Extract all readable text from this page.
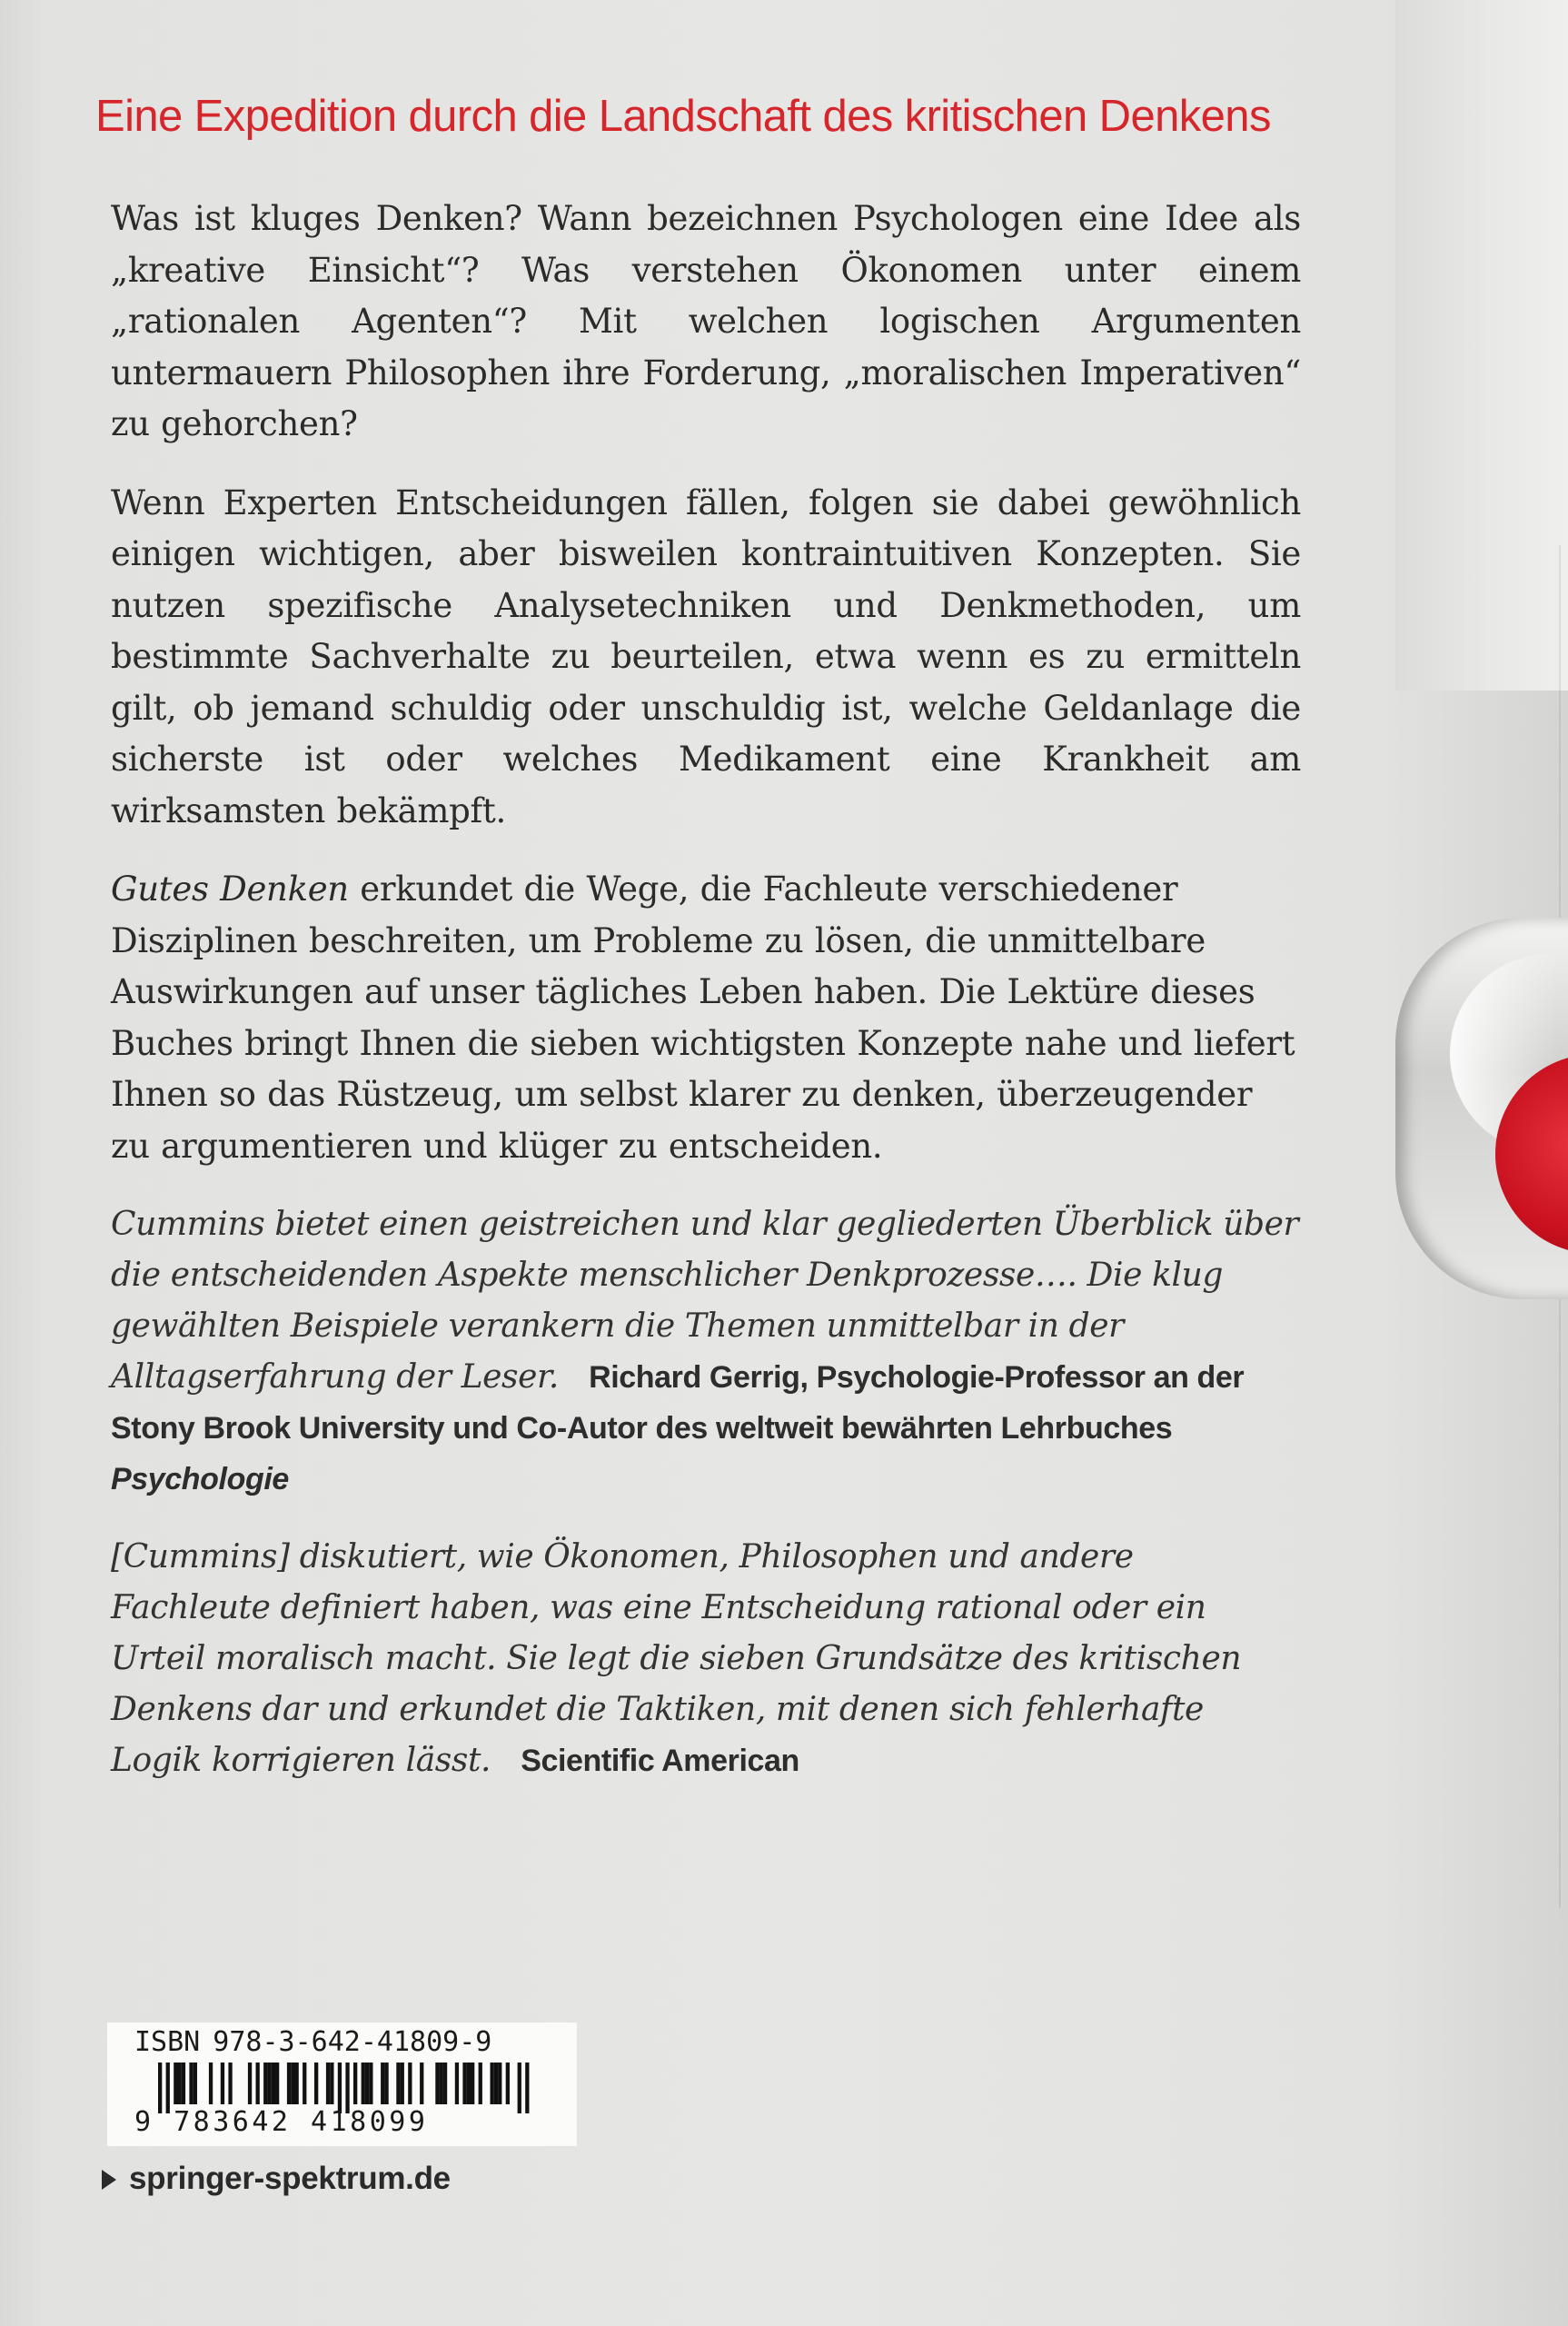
Eine Expedition durch die Landschaft des kritischen Denkens

Was ist kluges Denken? Wann bezeichnen Psychologen eine Idee als „kreative Einsicht“? Was verstehen Ökonomen unter einem „rationalen Agenten“? Mit welchen logischen Argumenten untermauern Philosophen ihre Forderung, „moralischen Imperativen“ zu gehorchen?

Wenn Experten Entscheidungen fällen, folgen sie dabei gewöhnlich einigen wichtigen, aber bisweilen kontraintuitiven Konzepten. Sie nutzen spezifische Analysetechniken und Denkmethoden, um bestimmte Sachverhalte zu beurteilen, etwa wenn es zu ermitteln gilt, ob jemand schuldig oder unschuldig ist, welche Geldanlage die sicherste ist oder welches Medikament eine Krankheit am wirksamsten bekämpft.

Gutes Denken erkundet die Wege, die Fachleute verschiedener Disziplinen beschreiten, um Probleme zu lösen, die unmittelbare Auswirkungen auf unser tägliches Leben haben. Die Lektüre dieses Buches bringt Ihnen die sieben wichtigsten Konzepte nahe und liefert Ihnen so das Rüstzeug, um selbst klarer zu denken, überzeugender zu argumentieren und klüger zu entscheiden.

Cummins bietet einen geistreichen und klar gegliederten Überblick über die entscheidenden Aspekte menschlicher Denkprozesse…. Die klug gewählten Beispiele verankern die Themen unmittelbar in der Alltagserfahrung der Leser. Richard Gerrig, Psychologie-Professor an der Stony Brook University und Co-Autor des weltweit bewährten Lehrbuches Psychologie

[Cummins] diskutiert, wie Ökonomen, Philosophen und andere Fachleute definiert haben, was eine Entscheidung rational oder ein Urteil moralisch macht. Sie legt die sieben Grundsätze des kritischen Denkens dar und erkundet die Taktiken, mit denen sich fehlerhafte Logik korrigieren lässt. Scientific American

ISBN 978-3-642-41809-9
9 783642 418099
springer-spektrum.de
